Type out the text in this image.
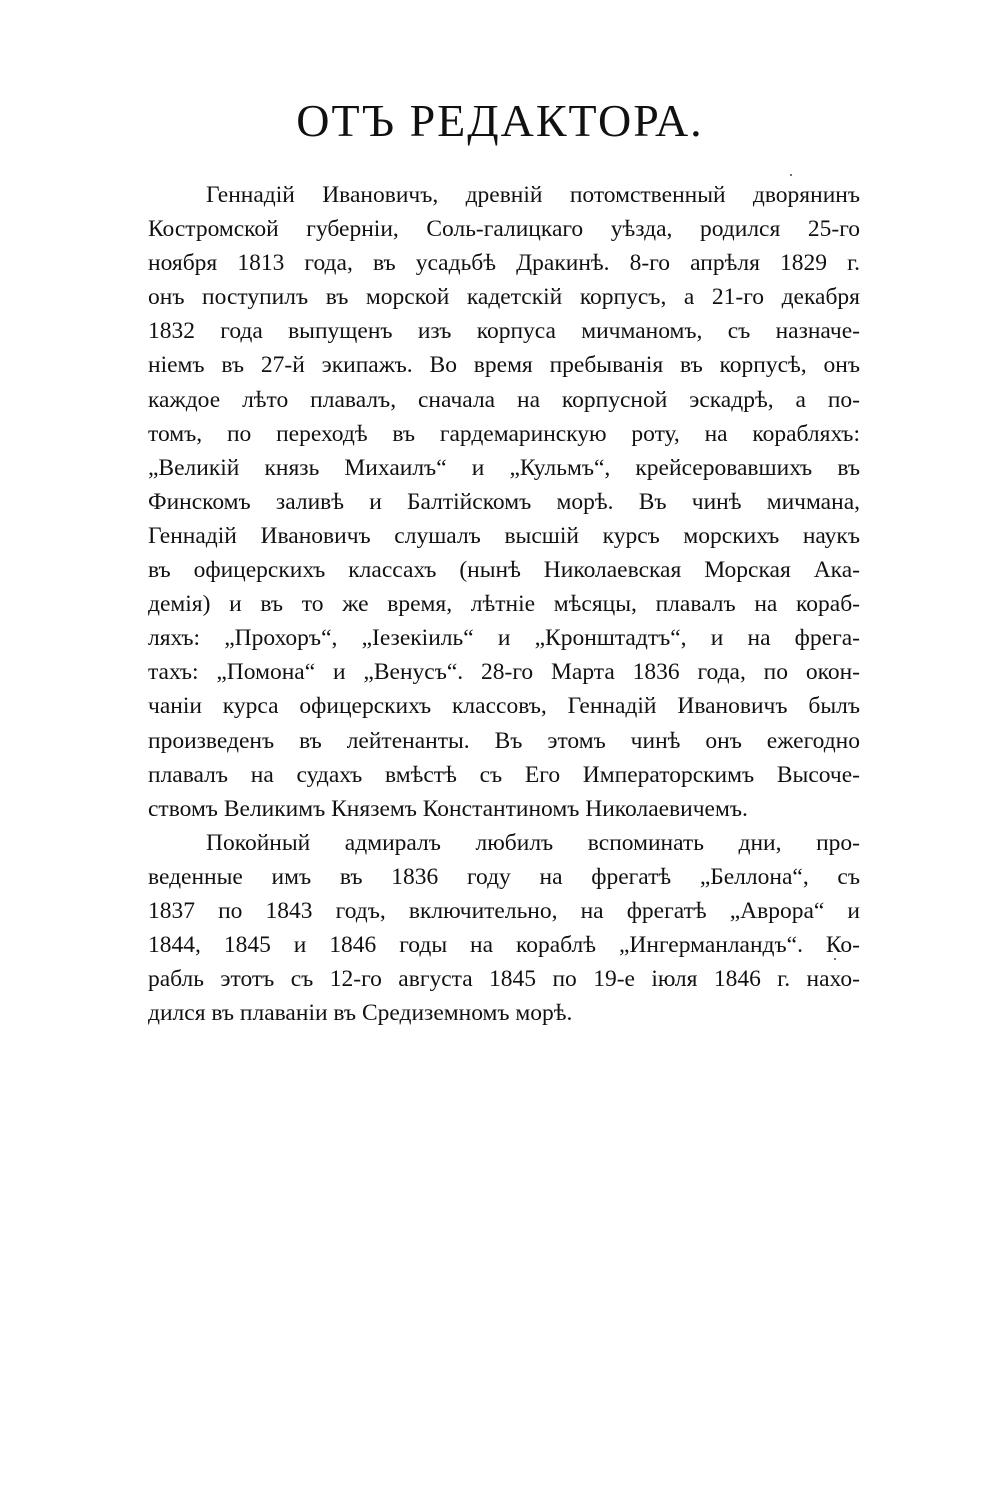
ОТЪ РЕДАКТОРА.
Геннадій Ивановичъ, древній потомственный дворянинъ
Костромской губерніи, Соль-галицкаго уѣзда, родился 25-го
ноября 1813 года, въ усадьбѣ Дракинѣ. 8-го апрѣля 1829 г.
онъ поступилъ въ морской кадетскій корпусъ, а 21-го декабря
1832 года выпущенъ изъ корпуса мичманомъ, съ назначе-
ніемъ въ 27-й экипажъ. Во время пребыванія въ корпусѣ, онъ
каждое лѣто плавалъ, сначала на корпусной эскадрѣ, а по-
томъ, по переходѣ въ гардемаринскую роту, на корабляхъ:
„Великій князь Михаилъ“ и „Кульмъ“, крейсеровавшихъ въ
Финскомъ заливѣ и Балтійскомъ морѣ. Въ чинѣ мичмана,
Геннадій Ивановичъ слушалъ высшій курсъ морскихъ наукъ
въ офицерскихъ классахъ (нынѣ Николаевская Морская Ака-
демія) и въ то же время, лѣтніе мѣсяцы, плавалъ на кораб-
ляхъ: „Прохоръ“, „Іезекіиль“ и „Кронштадтъ“, и на фрега-
тахъ: „Помона“ и „Венусъ“. 28-го Марта 1836 года, по окон-
чаніи курса офицерскихъ классовъ, Геннадій Ивановичъ былъ
произведенъ въ лейтенанты. Въ этомъ чинѣ онъ ежегодно
плавалъ на судахъ вмѣстѣ съ Его Императорскимъ Высоче-
ствомъ Великимъ Княземъ Константиномъ Николаевичемъ.
Покойный адмиралъ любилъ вспоминать дни, про-
веденные имъ въ 1836 году на фрегатѣ „Беллона“, съ
1837 по 1843 годъ, включительно, на фрегатѣ „Аврора“ и
1844, 1845 и 1846 годы на кораблѣ „Ингерманландъ“. Ко-
рабль этотъ съ 12-го августа 1845 по 19-е іюля 1846 г. нахо-
дился въ плаваніи въ Средиземномъ морѣ.
